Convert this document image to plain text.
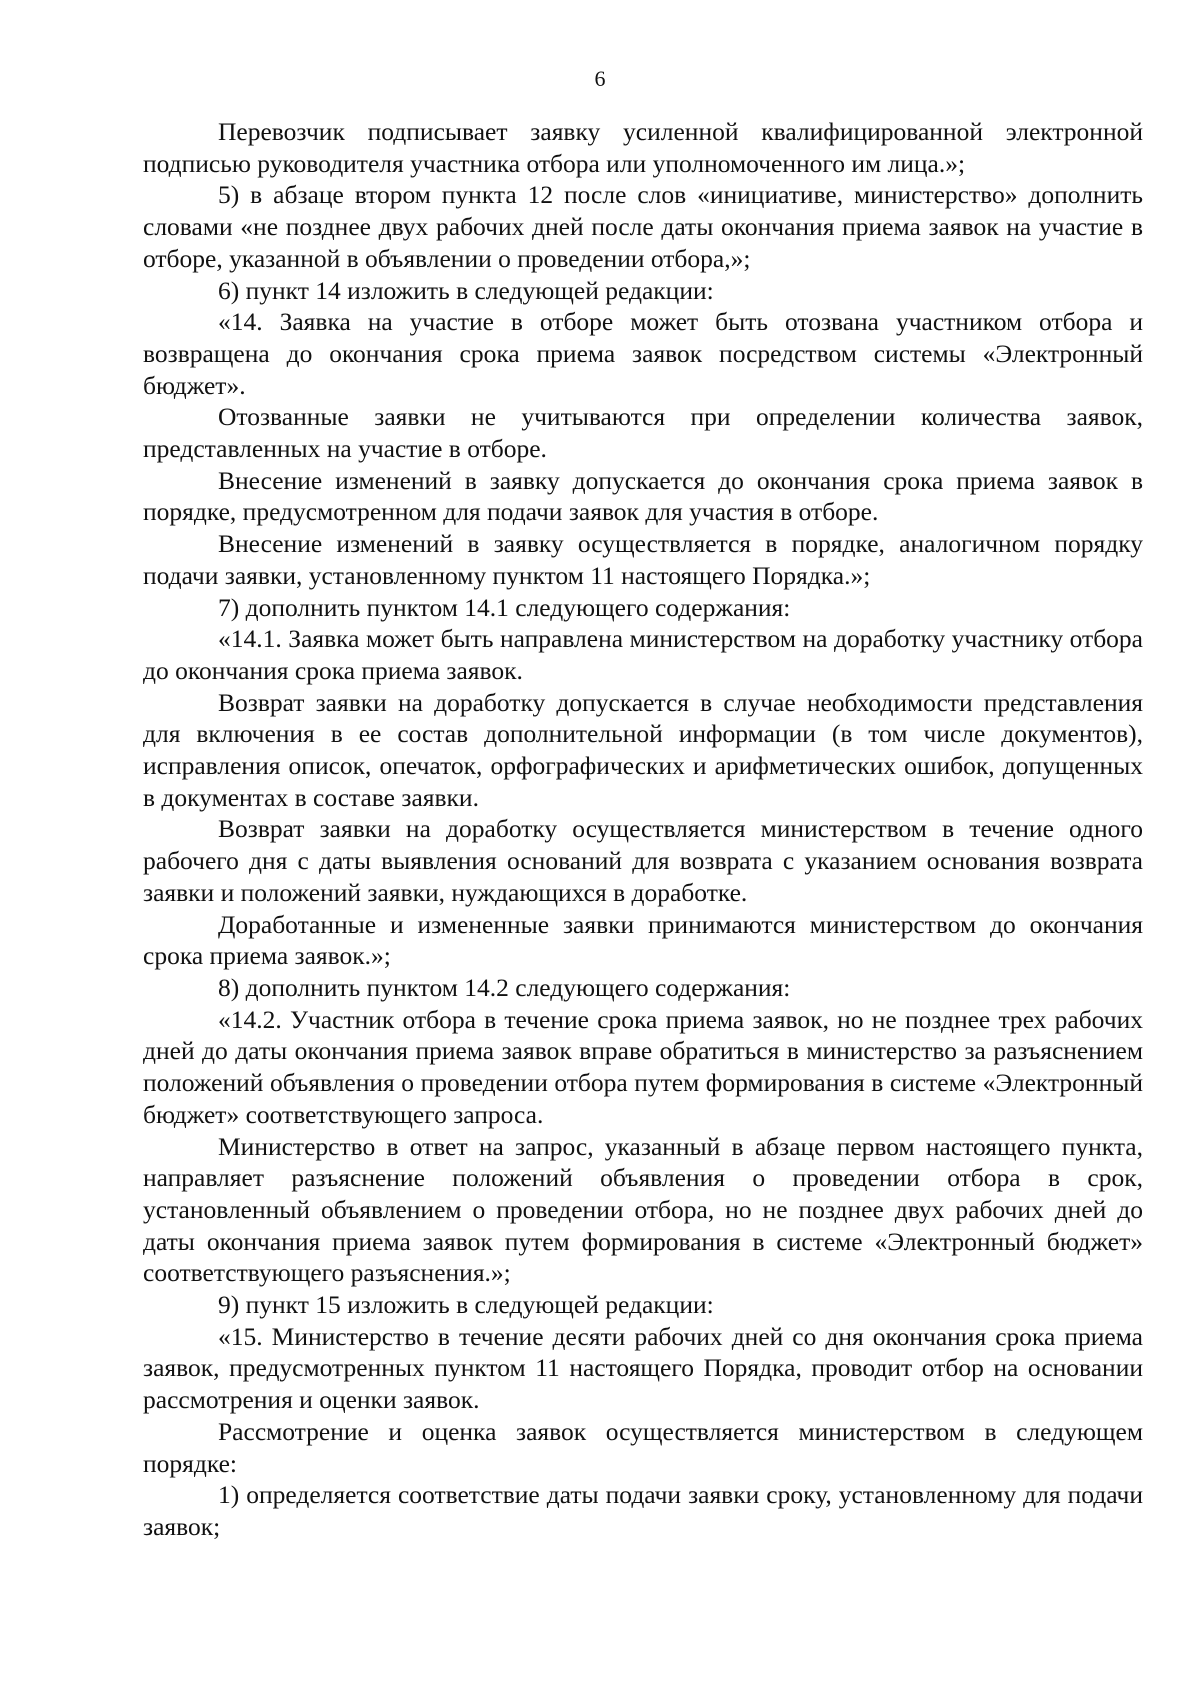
6

Перевозчик подписывает заявку усиленной квалифицированной электронной подписью руководителя участника отбора или уполномоченного им лица.»;

5) в абзаце втором пункта 12 после слов «инициативе, министерство» дополнить словами «не позднее двух рабочих дней после даты окончания приема заявок на участие в отборе, указанной в объявлении о проведении отбора,»;

6) пункт 14 изложить в следующей редакции:

«14. Заявка на участие в отборе может быть отозвана участником отбора и возвращена до окончания срока приема заявок посредством системы «Электронный бюджет».

Отозванные заявки не учитываются при определении количества заявок, представленных на участие в отборе.

Внесение изменений в заявку допускается до окончания срока приема заявок в порядке, предусмотренном для подачи заявок для участия в отборе.

Внесение изменений в заявку осуществляется в порядке, аналогичном порядку подачи заявки, установленному пунктом 11 настоящего Порядка.»;

7) дополнить пунктом 14.1 следующего содержания:

«14.1. Заявка может быть направлена министерством на доработку участнику отбора до окончания срока приема заявок.

Возврат заявки на доработку допускается в случае необходимости представления для включения в ее состав дополнительной информации (в том числе документов), исправления описок, опечаток, орфографических и арифметических ошибок, допущенных в документах в составе заявки.

Возврат заявки на доработку осуществляется министерством в течение одного рабочего дня с даты выявления оснований для возврата с указанием основания возврата заявки и положений заявки, нуждающихся в доработке.

Доработанные и измененные заявки принимаются министерством до окончания срока приема заявок.»;

8) дополнить пунктом 14.2 следующего содержания:

«14.2. Участник отбора в течение срока приема заявок, но не позднее трех рабочих дней до даты окончания приема заявок вправе обратиться в министерство за разъяснением положений объявления о проведении отбора путем формирования в системе «Электронный бюджет» соответствующего запроса.

Министерство в ответ на запрос, указанный в абзаце первом настоящего пункта, направляет разъяснение положений объявления о проведении отбора в срок, установленный объявлением о проведении отбора, но не позднее двух рабочих дней до даты окончания приема заявок путем формирования в системе «Электронный бюджет» соответствующего разъяснения.»;

9) пункт 15 изложить в следующей редакции:

«15. Министерство в течение десяти рабочих дней со дня окончания срока приема заявок, предусмотренных пунктом 11 настоящего Порядка, проводит отбор на основании рассмотрения и оценки заявок.

Рассмотрение и оценка заявок осуществляется министерством в следующем порядке:

1) определяется соответствие даты подачи заявки сроку, установленному для подачи заявок;
